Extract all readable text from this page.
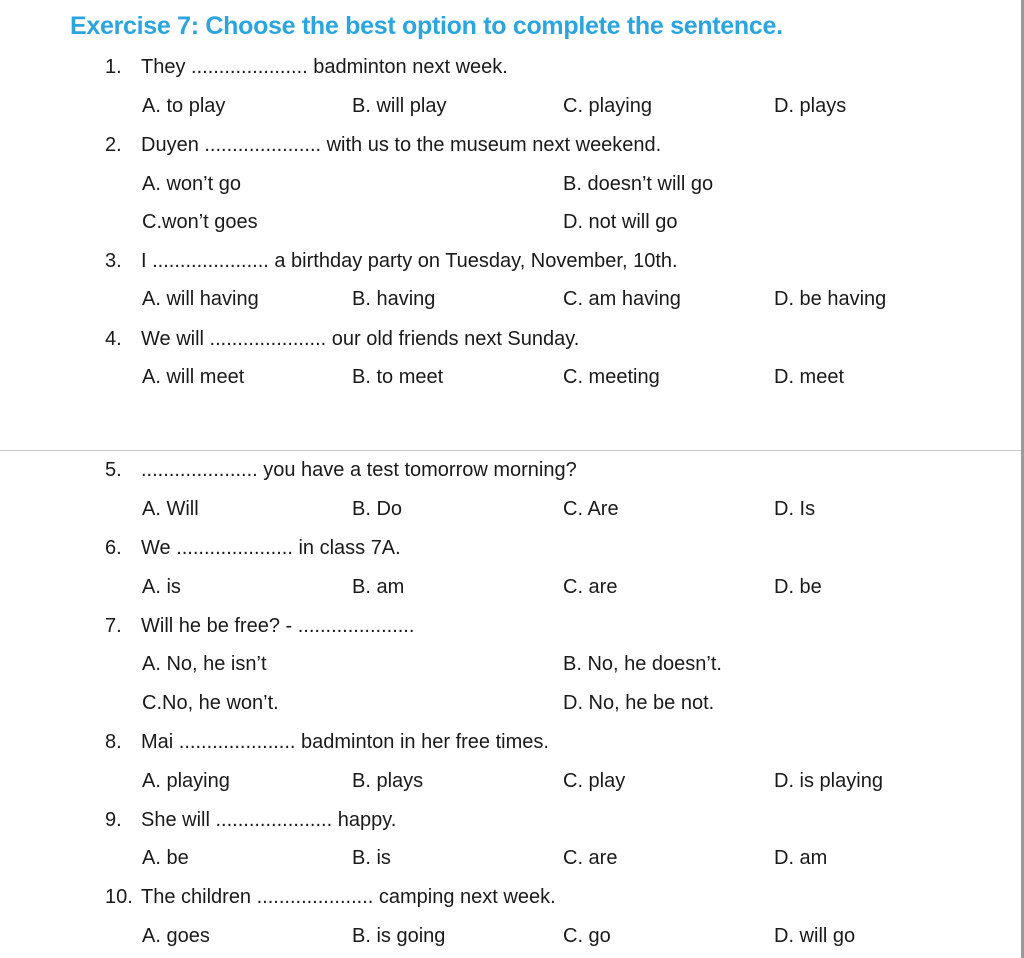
Exercise 7: Choose the best option to complete the sentence.
1. They ..................... badminton next week.
A. to play	B. will play	C. playing	D. plays
2. Duyen ..................... with us to the museum next weekend.
A. won’t go	B. doesn’t will go
C.won’t goes	D. not will go
3. I ..................... a birthday party on Tuesday, November, 10th.
A. will having	B. having	C. am having	D. be having
4. We will ..................... our old friends next Sunday.
A. will meet	B. to meet	C. meeting	D. meet
5. ..................... you have a test tomorrow morning?
A. Will	B. Do	C. Are	D. Is
6. We ..................... in class 7A.
A. is	B. am	C. are	D. be
7. Will he be free? - .....................
A. No, he isn’t	B. No, he doesn’t.
C.No, he won’t.	D. No, he be not.
8. Mai ..................... badminton in her free times.
A. playing	B. plays	C. play	D. is playing
9. She will ..................... happy.
A. be	B. is	C. are	D. am
10. The children ..................... camping next week.
A. goes	B. is going	C. go	D. will go
